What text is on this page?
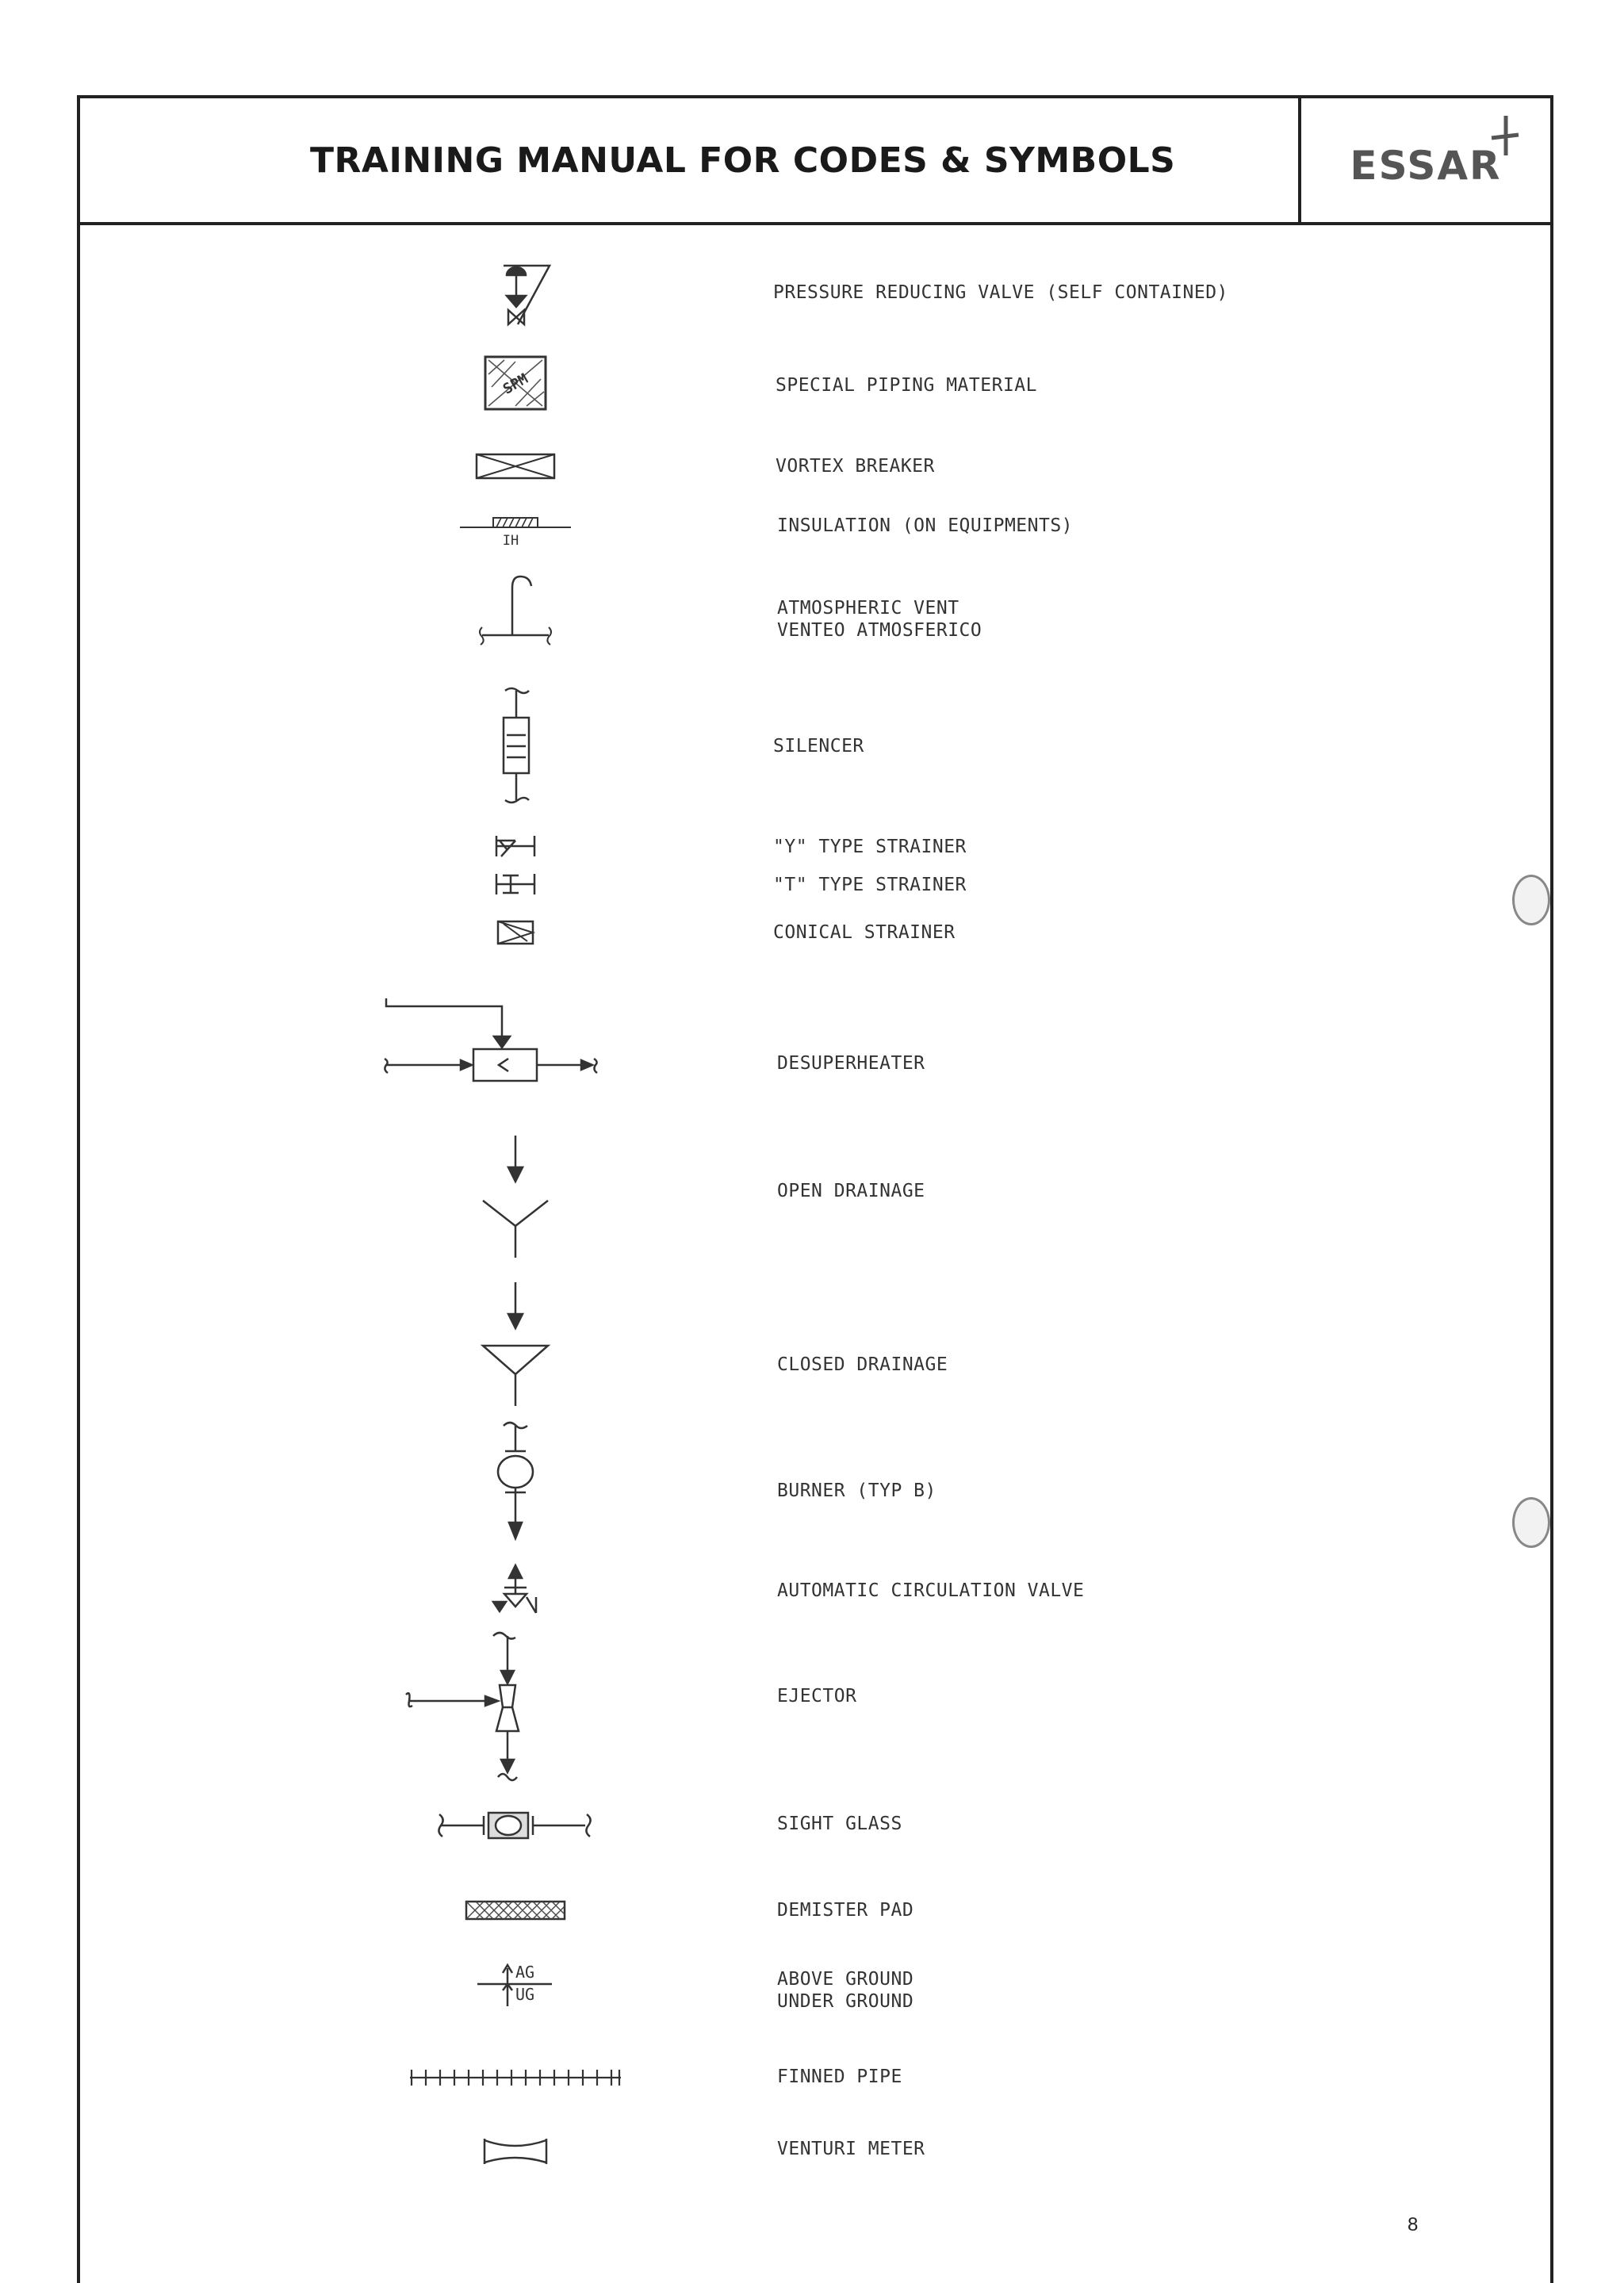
TRAINING MANUAL FOR CODES & SYMBOLS	ESSAR
PRESSURE REDUCING VALVE (SELF CONTAINED)
SPM	SPECIAL PIPING MATERIAL
VORTEX BREAKER
IH
INSULATION (ON EQUIPMENTS)
ATMOSPHERIC VENT
VENTEO ATMOSFERICO
SILENCER
"Y" TYPE STRAINER
"T" TYPE STRAINER
CONICAL STRAINER
DESUPERHEATER
OPEN DRAINAGE
CLOSED DRAINAGE
BURNER (TYP B)
AUTOMATIC CIRCULATION VALVE
EJECTOR
SIGHT GLASS
DEMISTER PAD
AG
UG
ABOVE GROUND
UNDER GROUND
FINNED PIPE
VENTURI METER
8
